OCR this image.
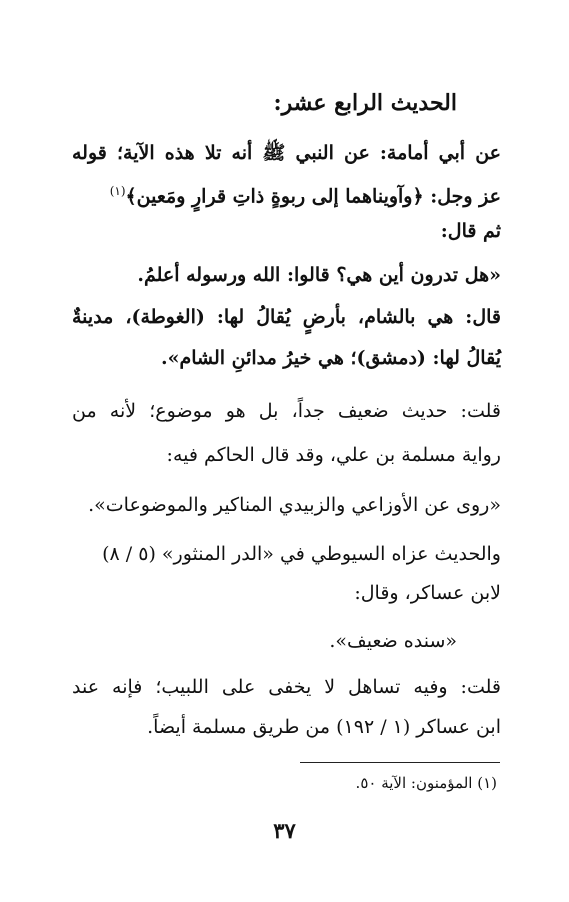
الحديث الرابع عشر:
عن أبي أمامة: عن النبي ﷺ أنه تلا هذه الآية؛ قوله
عز وجل: ﴿وآويناهما إلى ربوةٍ ذاتِ قرارٍ ومَعين﴾$^{(١)}$
ثم قال:
«هل تدرون أين هي؟ قالوا: الله ورسوله أعلمُ.
قال: هي بالشام، بأرضٍ يُقالُ لها: (الغوطة)، مدينةٌ
يُقالُ لها: (دمشق)؛ هي خيرُ مدائنِ الشام».
قلت: حديث ضعيف جداً، بل هو موضوع؛ لأنه من
رواية مسلمة بن علي، وقد قال الحاكم فيه:
«روى عن الأوزاعي والزبيدي المناكير والموضوعات».
والحديث عزاه السيوطي في «الدر المنثور» (٥ / ٨)
لابن عساكر، وقال:
«سنده ضعيف».
قلت: وفيه تساهل لا يخفى على اللبيب؛ فإنه عند
ابن عساكر (١ / ١٩٢) من طريق مسلمة أيضاً.
(١) المؤمنون: الآية ٥٠.
٣٧
